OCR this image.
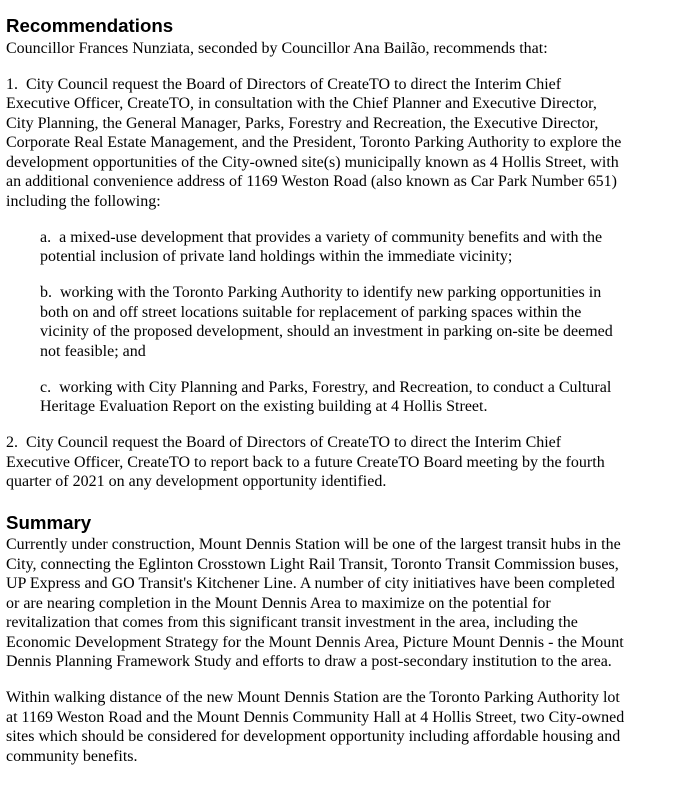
Recommendations

Councillor Frances Nunziata, seconded by Councillor Ana Bailão, recommends that:

1.  City Council request the Board of Directors of CreateTO to direct the Interim Chief Executive Officer, CreateTO, in consultation with the Chief Planner and Executive Director, City Planning, the General Manager, Parks, Forestry and Recreation, the Executive Director, Corporate Real Estate Management, and the President, Toronto Parking Authority to explore the development opportunities of the City-owned site(s) municipally known as 4 Hollis Street, with an additional convenience address of 1169 Weston Road (also known as Car Park Number 651) including the following:

a.  a mixed-use development that provides a variety of community benefits and with the potential inclusion of private land holdings within the immediate vicinity;

b.  working with the Toronto Parking Authority to identify new parking opportunities in both on and off street locations suitable for replacement of parking spaces within the vicinity of the proposed development, should an investment in parking on-site be deemed not feasible; and

c.  working with City Planning and Parks, Forestry, and Recreation, to conduct a Cultural Heritage Evaluation Report on the existing building at 4 Hollis Street.

2.  City Council request the Board of Directors of CreateTO to direct the Interim Chief Executive Officer, CreateTO to report back to a future CreateTO Board meeting by the fourth quarter of 2021 on any development opportunity identified.

Summary

Currently under construction, Mount Dennis Station will be one of the largest transit hubs in the City, connecting the Eglinton Crosstown Light Rail Transit, Toronto Transit Commission buses, UP Express and GO Transit's Kitchener Line. A number of city initiatives have been completed or are nearing completion in the Mount Dennis Area to maximize on the potential for revitalization that comes from this significant transit investment in the area, including the Economic Development Strategy for the Mount Dennis Area, Picture Mount Dennis - the Mount Dennis Planning Framework Study and efforts to draw a post-secondary institution to the area.

Within walking distance of the new Mount Dennis Station are the Toronto Parking Authority lot at 1169 Weston Road and the Mount Dennis Community Hall at 4 Hollis Street, two City-owned sites which should be considered for development opportunity including affordable housing and community benefits.
